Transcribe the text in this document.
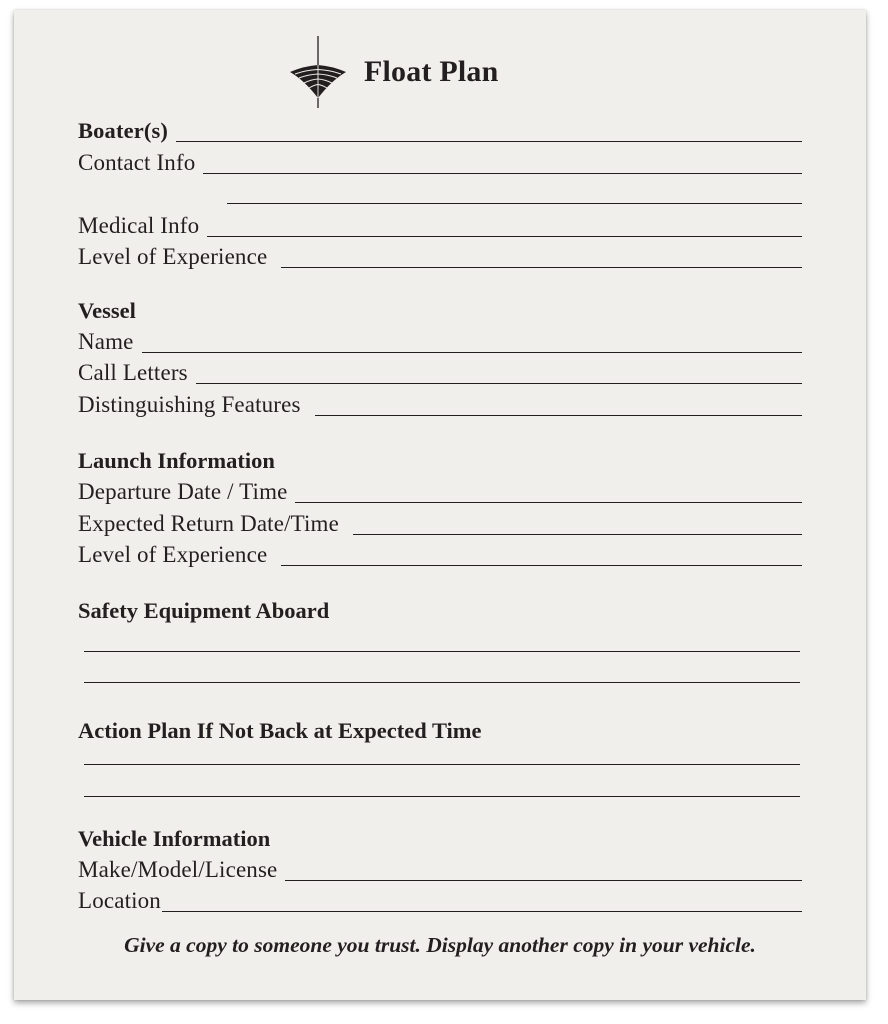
Float Plan
Boater(s)
Contact Info
Medical Info
Level of Experience
Vessel
Name
Call Letters
Distinguishing Features
Launch Information
Departure Date / Time
Expected Return Date/Time
Level of Experience
Safety Equipment Aboard
Action Plan If Not Back at Expected Time
Vehicle Information
Make/Model/License
Location
Give a copy to someone you trust. Display another copy in your vehicle.
